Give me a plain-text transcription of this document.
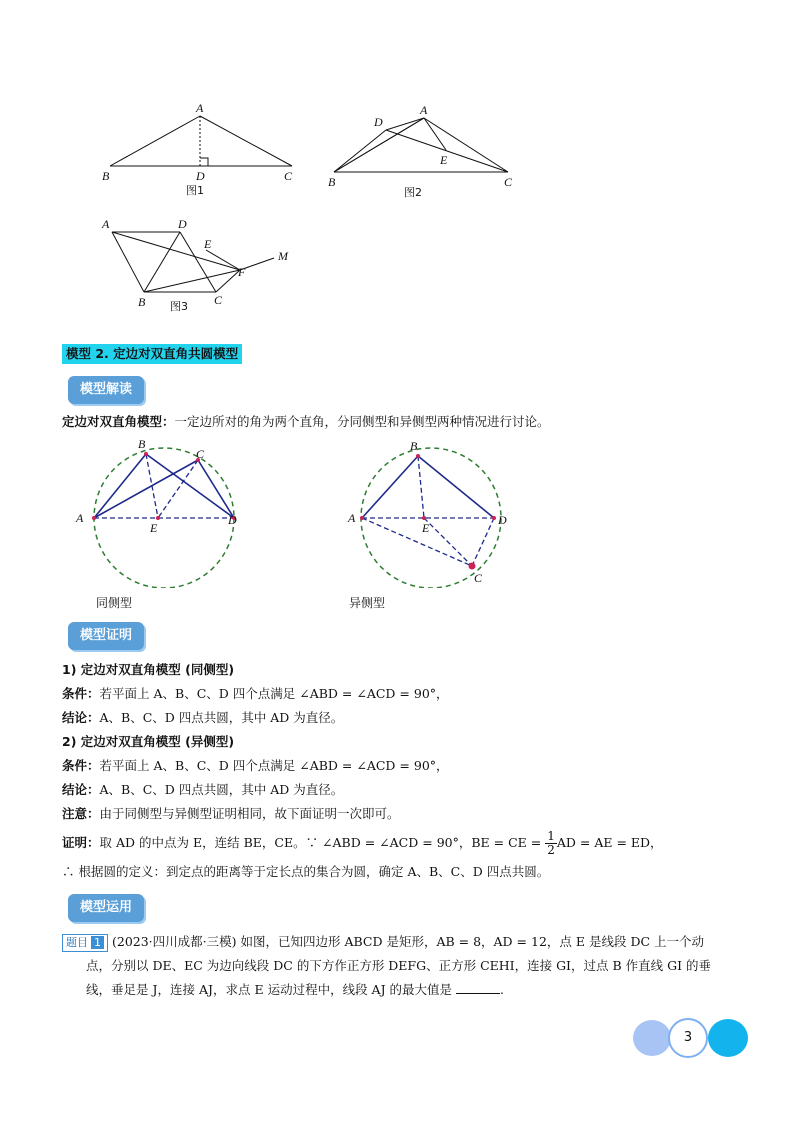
A
B	C
D
图1
A
B	C
D
E
图2
A
B	C
D
E
F
M
图3
模型 2. 定边对双直角共圆模型
模型解读
定边对双直角模型：一定边所对的角为两个直角，分同侧型和异侧型两种情况进行讨论。
A
B
C
D
E
同侧型
A
B
C
D
E
异侧型
模型证明
1) 定边对双直角模型 (同侧型)
条件：若平面上 A、B、C、D 四个点满足 ∠ABD = ∠ACD = 90°，
结论：A、B、C、D 四点共圆，其中 AD 为直径。
2) 定边对双直角模型 (异侧型)
条件：若平面上 A、B、C、D 四个点满足 ∠ABD = ∠ACD = 90°，
结论：A、B、C、D 四点共圆，其中 AD 为直径。
注意：由于同侧型与异侧型证明相同，故下面证明一次即可。
证明：取 AD 的中点为 E，连结 BE，CE。∵ ∠ABD = ∠ACD = 90°，BE = CE = $\frac{1}{2}$ AD = AE = ED，
∴ 根据圆的定义：到定点的距离等于定长点的集合为圆，确定 A、B、C、D 四点共圆。
模型运用
题目 1 (2023·四川成都·三模) 如图，已知四边形 ABCD 是矩形，AB = 8，AD = 12，点 E 是线段 DC 上一个动
点，分别以 DE、EC 为边向线段 DC 的下方作正方形 DEFG、正方形 CEHI，连接 GI，过点 B 作直线 GI 的垂
线，垂足是 J，连接 AJ，求点 E 运动过程中，线段 AJ 的最大值是	.
3
